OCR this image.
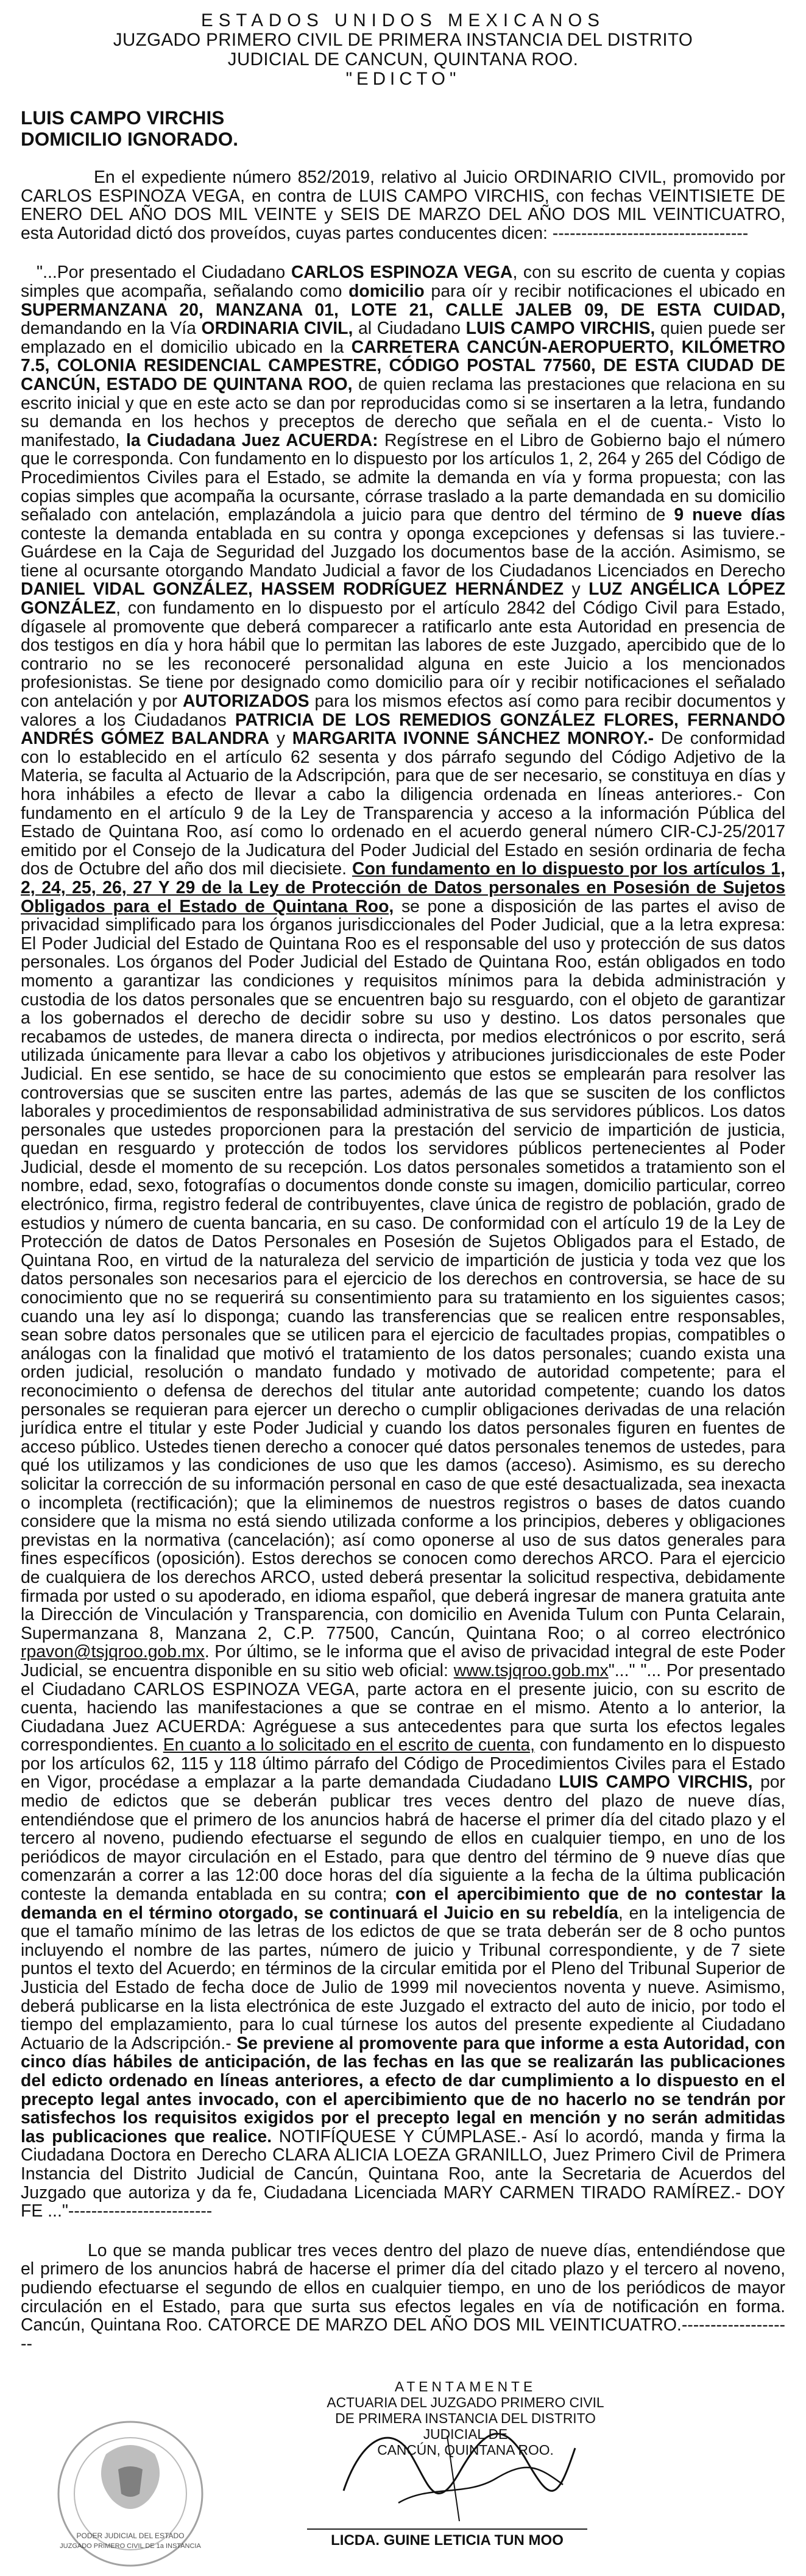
ESTADOS UNIDOS MEXICANOS
JUZGADO PRIMERO CIVIL DE PRIMERA INSTANCIA DEL DISTRITO
JUDICIAL DE CANCUN, QUINTANA ROO.
"EDICTO"
LUIS CAMPO VIRCHIS
DOMICILIO IGNORADO.

En el expediente número 852/2019, relativo al Juicio ORDINARIO CIVIL, promovido por CARLOS ESPINOZA VEGA, en contra de LUIS CAMPO VIRCHIS, con fechas VEINTISIETE DE ENERO DEL AÑO DOS MIL VEINTE y SEIS DE MARZO DEL AÑO DOS MIL VEINTICUATRO, esta Autoridad dictó dos proveídos, cuyas partes conducentes dicen: ----------------------------------

"...Por presentado el Ciudadano CARLOS ESPINOZA VEGA, con su escrito de cuenta y copias simples que acompaña, señalando como domicilio para oír y recibir notificaciones el ubicado en SUPERMANZANA 20, MANZANA 01, LOTE 21, CALLE JALEB 09, DE ESTA CUIDAD, demandando en la Vía ORDINARIA CIVIL, al Ciudadano LUIS CAMPO VIRCHIS, quien puede ser emplazado en el domicilio ubicado en la CARRETERA CANCÚN-AEROPUERTO, KILÓMETRO 7.5, COLONIA RESIDENCIAL CAMPESTRE, CÓDIGO POSTAL 77560, DE ESTA CIUDAD DE CANCÚN, ESTADO DE QUINTANA ROO, de quien reclama las prestaciones que relaciona en su escrito inicial y que en este acto se dan por reproducidas como si se insertaren a la letra, fundando su demanda en los hechos y preceptos de derecho que señala en el de cuenta.- Visto lo manifestado, la Ciudadana Juez ACUERDA: Regístrese en el Libro de Gobierno bajo el número que le corresponda. Con fundamento en lo dispuesto por los artículos 1, 2, 264 y 265 del Código de Procedimientos Civiles para el Estado, se admite la demanda en vía y forma propuesta; con las copias simples que acompaña la ocursante, córrase traslado a la parte demandada en su domicilio señalado con antelación, emplazándola a juicio para que dentro del término de 9 nueve días conteste la demanda entablada en su contra y oponga excepciones y defensas si las tuviere.-Guárdese en la Caja de Seguridad del Juzgado los documentos base de la acción. Asimismo, se tiene al ocursante otorgando Mandato Judicial a favor de los Ciudadanos Licenciados en Derecho DANIEL VIDAL GONZÁLEZ, HASSEM RODRÍGUEZ HERNÁNDEZ y LUZ ANGÉLICA LÓPEZ GONZÁLEZ, con fundamento en lo dispuesto por el artículo 2842 del Código Civil para Estado, dígasele al promovente que deberá comparecer a ratificarlo ante esta Autoridad en presencia de dos testigos en día y hora hábil que lo permitan las labores de este Juzgado, apercibido que de lo contrario no se les reconoceré personalidad alguna en este Juicio a los mencionados profesionistas. Se tiene por designado como domicilio para oír y recibir notificaciones el señalado con antelación y por AUTORIZADOS para los mismos efectos así como para recibir documentos y valores a los Ciudadanos PATRICIA DE LOS REMEDIOS GONZÁLEZ FLORES, FERNANDO ANDRÉS GÓMEZ BALANDRA y MARGARITA IVONNE SÁNCHEZ MONROY.- De conformidad con lo establecido en el artículo 62 sesenta y dos párrafo segundo del Código Adjetivo de la Materia, se faculta al Actuario de la Adscripción, para que de ser necesario, se constituya en días y hora inhábiles a efecto de llevar a cabo la diligencia ordenada en líneas anteriores.- Con fundamento en el artículo 9 de la Ley de Transparencia y acceso a la información Pública del Estado de Quintana Roo, así como lo ordenado en el acuerdo general número CIR-CJ-25/2017 emitido por el Consejo de la Judicatura del Poder Judicial del Estado en sesión ordinaria de fecha dos de Octubre del año dos mil diecisiete. Con fundamento en lo dispuesto por los artículos 1, 2, 24, 25, 26, 27 Y 29 de la Ley de Protección de Datos personales en Posesión de Sujetos Obligados para el Estado de Quintana Roo, se pone a disposición de las partes el aviso de privacidad simplificado para los órganos jurisdiccionales del Poder Judicial, que a la letra expresa: El Poder Judicial del Estado de Quintana Roo es el responsable del uso y protección de sus datos personales. Los órganos del Poder Judicial del Estado de Quintana Roo, están obligados en todo momento a garantizar las condiciones y requisitos mínimos para la debida administración y custodia de los datos personales que se encuentren bajo su resguardo, con el objeto de garantizar a los gobernados el derecho de decidir sobre su uso y destino. Los datos personales que recabamos de ustedes, de manera directa o indirecta, por medios electrónicos o por escrito, será utilizada únicamente para llevar a cabo los objetivos y atribuciones jurisdiccionales de este Poder Judicial. En ese sentido, se hace de su conocimiento que estos se emplearán para resolver las controversias que se susciten entre las partes, además de las que se susciten de los conflictos laborales y procedimientos de responsabilidad administrativa de sus servidores públicos. Los datos personales que ustedes proporcionen para la prestación del servicio de impartición de justicia, quedan en resguardo y protección de todos los servidores públicos pertenecientes al Poder Judicial, desde el momento de su recepción. Los datos personales sometidos a tratamiento son el nombre, edad, sexo, fotografías o documentos donde conste su imagen, domicilio particular, correo electrónico, firma, registro federal de contribuyentes, clave única de registro de población, grado de estudios y número de cuenta bancaria, en su caso. De conformidad con el artículo 19 de la Ley de Protección de datos de Datos Personales en Posesión de Sujetos Obligados para el Estado, de Quintana Roo, en virtud de la naturaleza del servicio de impartición de justicia y toda vez que los datos personales son necesarios para el ejercicio de los derechos en controversia, se hace de su conocimiento que no se requerirá su consentimiento para su tratamiento en los siguientes casos; cuando una ley así lo disponga; cuando las transferencias que se realicen entre responsables, sean sobre datos personales que se utilicen para el ejercicio de facultades propias, compatibles o análogas con la finalidad que motivó el tratamiento de los datos personales; cuando exista una orden judicial, resolución o mandato fundado y motivado de autoridad competente; para el reconocimiento o defensa de derechos del titular ante autoridad competente; cuando los datos personales se requieran para ejercer un derecho o cumplir obligaciones derivadas de una relación jurídica entre el titular y este Poder Judicial y cuando los datos personales figuren en fuentes de acceso público. Ustedes tienen derecho a conocer qué datos personales tenemos de ustedes, para qué los utilizamos y las condiciones de uso que les damos (acceso). Asimismo, es su derecho solicitar la corrección de su información personal en caso de que esté desactualizada, sea inexacta o incompleta (rectificación); que la eliminemos de nuestros registros o bases de datos cuando considere que la misma no está siendo utilizada conforme a los principios, deberes y obligaciones previstas en la normativa (cancelación); así como oponerse al uso de sus datos generales para fines específicos (oposición). Estos derechos se conocen como derechos ARCO. Para el ejercicio de cualquiera de los derechos ARCO, usted deberá presentar la solicitud respectiva, debidamente firmada por usted o su apoderado, en idioma español, que deberá ingresar de manera gratuita ante la Dirección de Vinculación y Transparencia, con domicilio en Avenida Tulum con Punta Celarain, Supermanzana 8, Manzana 2, C.P. 77500, Cancún, Quintana Roo; o al correo electrónico rpavon@tsjqroo.gob.mx. Por último, se le informa que el aviso de privacidad integral de este Poder Judicial, se encuentra disponible en su sitio web oficial: www.tsjqroo.gob.mx"..." "... Por presentado el Ciudadano CARLOS ESPINOZA VEGA, parte actora en el presente juicio, con su escrito de cuenta, haciendo las manifestaciones a que se contrae en el mismo. Atento a lo anterior, la Ciudadana Juez ACUERDA: Agréguese a sus antecedentes para que surta los efectos legales correspondientes. En cuanto a lo solicitado en el escrito de cuenta, con fundamento en lo dispuesto por los artículos 62, 115 y 118 último párrafo del Código de Procedimientos Civiles para el Estado en Vigor, procédase a emplazar a la parte demandada Ciudadano LUIS CAMPO VIRCHIS, por medio de edictos que se deberán publicar tres veces dentro del plazo de nueve días, entendiéndose que el primero de los anuncios habrá de hacerse el primer día del citado plazo y el tercero al noveno, pudiendo efectuarse el segundo de ellos en cualquier tiempo, en uno de los periódicos de mayor circulación en el Estado, para que dentro del término de 9 nueve días que comenzarán a correr a las 12:00 doce horas del día siguiente a la fecha de la última publicación conteste la demanda entablada en su contra; con el apercibimiento que de no contestar la demanda en el término otorgado, se continuará el Juicio en su rebeldía, en la inteligencia de que el tamaño mínimo de las letras de los edictos de que se trata deberán ser de 8 ocho puntos incluyendo el nombre de las partes, número de juicio y Tribunal correspondiente, y de 7 siete puntos el texto del Acuerdo; en términos de la circular emitida por el Pleno del Tribunal Superior de Justicia del Estado de fecha doce de Julio de 1999 mil novecientos noventa y nueve. Asimismo, deberá publicarse en la lista electrónica de este Juzgado el extracto del auto de inicio, por todo el tiempo del emplazamiento, para lo cual túrnese los autos del presente expediente al Ciudadano Actuario de la Adscripción.- Se previene al promovente para que informe a esta Autoridad, con cinco días hábiles de anticipación, de las fechas en las que se realizarán las publicaciones del edicto ordenado en líneas anteriores, a efecto de dar cumplimiento a lo dispuesto en el precepto legal antes invocado, con el apercibimiento que de no hacerlo no se tendrán por satisfechos los requisitos exigidos por el precepto legal en mención y no serán admitidas las publicaciones que realice. NOTIFÍQUESE Y CÚMPLASE.- Así lo acordó, manda y firma la Ciudadana Doctora en Derecho CLARA ALICIA LOEZA GRANILLO, Juez Primero Civil de Primera Instancia del Distrito Judicial de Cancún, Quintana Roo, ante la Secretaria de Acuerdos del Juzgado que autoriza y da fe, Ciudadana Licenciada MARY CARMEN TIRADO RAMÍREZ.- DOY FE ..."-------------------------

Lo que se manda publicar tres veces dentro del plazo de nueve días, entendiéndose que el primero de los anuncios habrá de hacerse el primer día del citado plazo y el tercero al noveno, pudiendo efectuarse el segundo de ellos en cualquier tiempo, en uno de los periódicos de mayor circulación en el Estado, para que surta sus efectos legales en vía de notificación en forma. Cancún, Quintana Roo. CATORCE DE MARZO DEL AÑO DOS MIL VEINTICUATRO.--------------------

PODER JUDICIAL DEL ESTADO
JUZGADO PRIMERO CIVIL DE 1a INSTANCIA
ATENTAMENTE
ACTUARIA DEL JUZGADO PRIMERO CIVIL
DE PRIMERA INSTANCIA DEL DISTRITO JUDICIAL DE
CANCÚN, QUINTANA ROO.
LICDA. GUINE LETICIA TUN MOO
